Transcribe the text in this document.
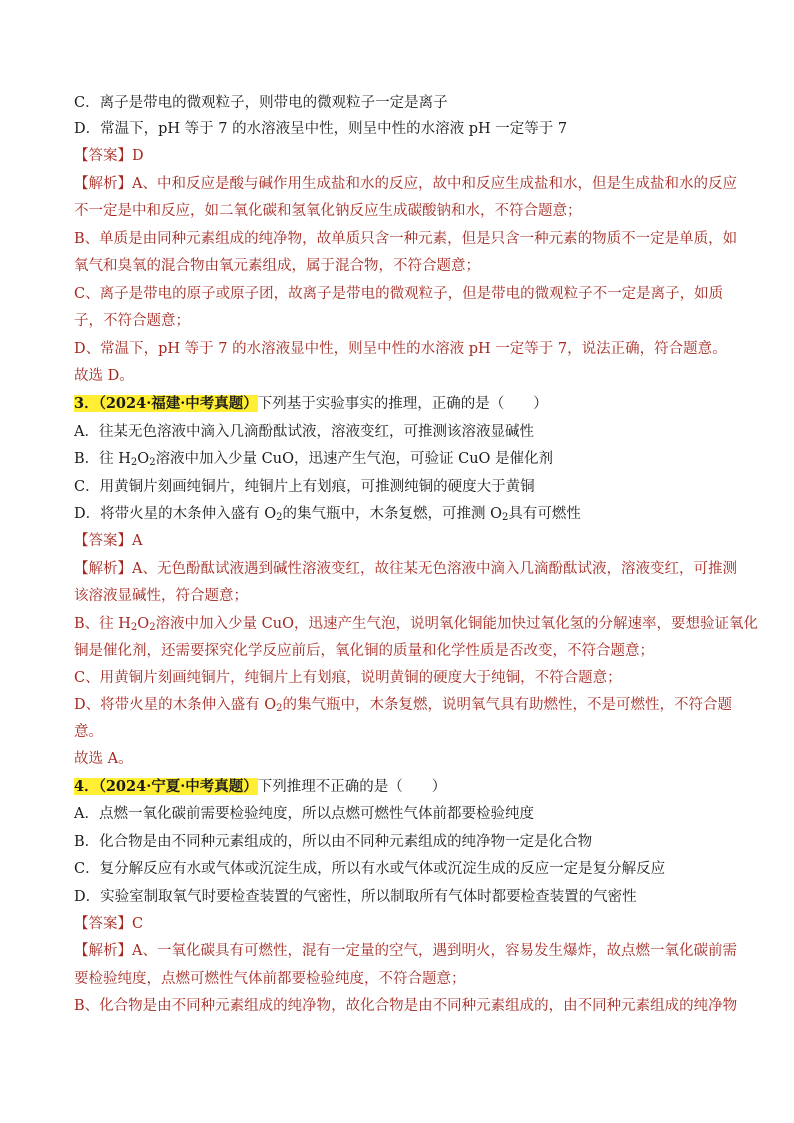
C．离子是带电的微观粒子，则带电的微观粒子一定是离子
D．常温下，pH 等于 7 的水溶液呈中性，则呈中性的水溶液 pH 一定等于 7
【答案】D
【解析】A、中和反应是酸与碱作用生成盐和水的反应，故中和反应生成盐和水，但是生成盐和水的反应
不一定是中和反应，如二氧化碳和氢氧化钠反应生成碳酸钠和水，不符合题意；
B、单质是由同种元素组成的纯净物，故单质只含一种元素，但是只含一种元素的物质不一定是单质，如
氧气和臭氧的混合物由氧元素组成，属于混合物，不符合题意；
C、离子是带电的原子或原子团，故离子是带电的微观粒子，但是带电的微观粒子不一定是离子，如质
子，不符合题意；
D、常温下，pH 等于 7 的水溶液显中性，则呈中性的水溶液 pH 一定等于 7，说法正确，符合题意。
故选 D。
3．（2024·福建·中考真题）下列基于实验事实的推理，正确的是（　　）
A．往某无色溶液中滴入几滴酚酞试液，溶液变红，可推测该溶液显碱性
B．往 $H_2O_2$溶液中加入少量 CuO，迅速产生气泡，可验证 CuO 是催化剂
C．用黄铜片刻画纯铜片，纯铜片上有划痕，可推测纯铜的硬度大于黄铜
D．将带火星的木条伸入盛有 $O_2$的集气瓶中，木条复燃，可推测 $O_2$具有可燃性
【答案】A
【解析】A、无色酚酞试液遇到碱性溶液变红，故往某无色溶液中滴入几滴酚酞试液，溶液变红，可推测
该溶液显碱性，符合题意；
B、往 $H_2O_2$溶液中加入少量 CuO，迅速产生气泡，说明氧化铜能加快过氧化氢的分解速率，要想验证氧化
铜是催化剂，还需要探究化学反应前后，氧化铜的质量和化学性质是否改变，不符合题意；
C、用黄铜片刻画纯铜片，纯铜片上有划痕，说明黄铜的硬度大于纯铜，不符合题意；
D、将带火星的木条伸入盛有 $O_2$的集气瓶中，木条复燃，说明氧气具有助燃性，不是可燃性，不符合题
意。
故选 A。
4．（2024·宁夏·中考真题）下列推理不正确的是（　　）
A．点燃一氧化碳前需要检验纯度，所以点燃可燃性气体前都要检验纯度
B．化合物是由不同种元素组成的，所以由不同种元素组成的纯净物一定是化合物
C．复分解反应有水或气体或沉淀生成，所以有水或气体或沉淀生成的反应一定是复分解反应
D．实验室制取氧气时要检查装置的气密性，所以制取所有气体时都要检查装置的气密性
【答案】C
【解析】A、一氧化碳具有可燃性，混有一定量的空气，遇到明火，容易发生爆炸，故点燃一氧化碳前需
要检验纯度，点燃可燃性气体前都要检验纯度，不符合题意；
B、化合物是由不同种元素组成的纯净物，故化合物是由不同种元素组成的，由不同种元素组成的纯净物
